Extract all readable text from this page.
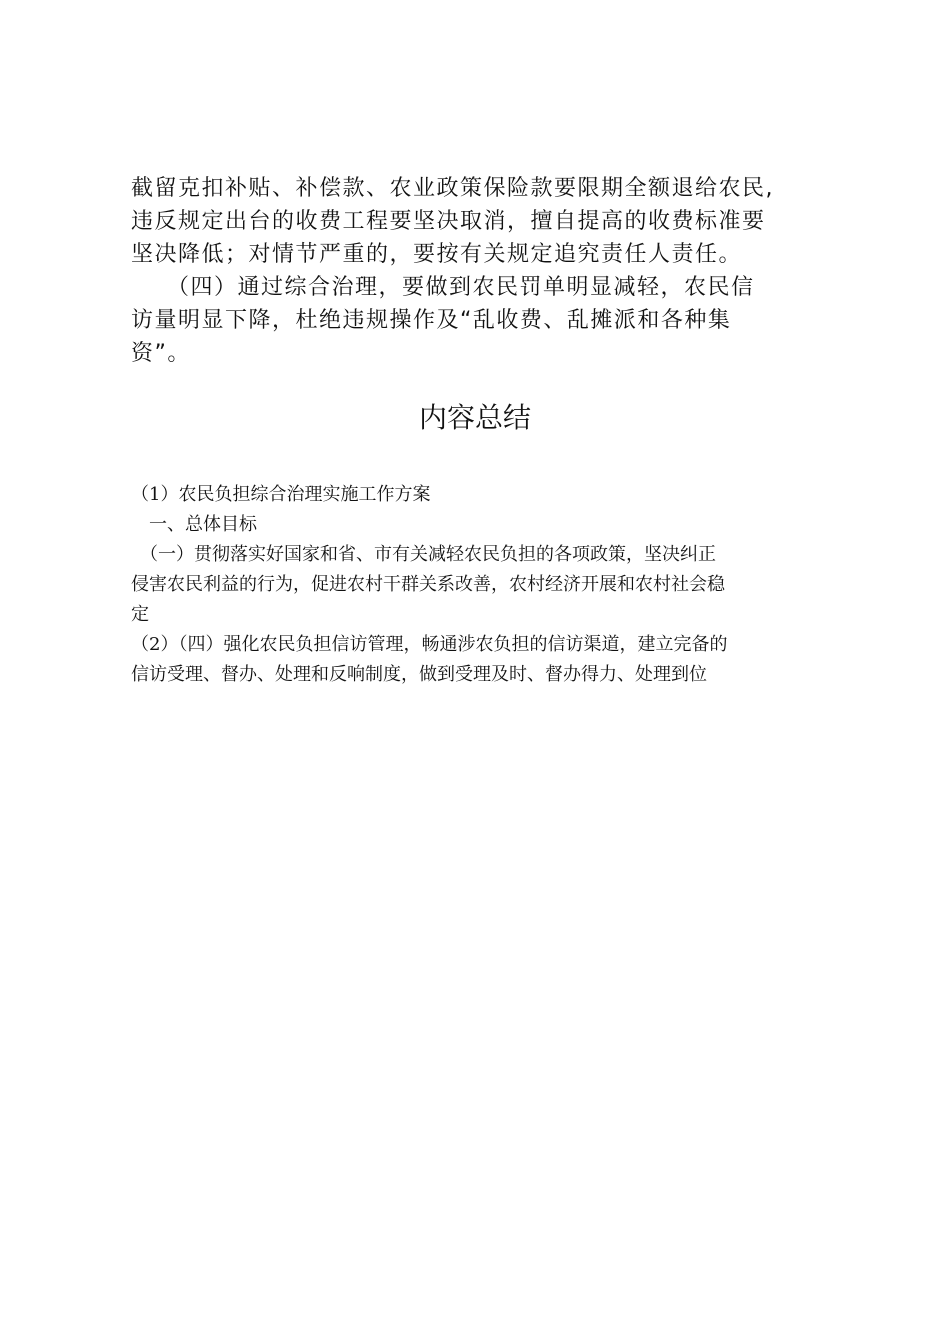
截留克扣补贴、补偿款、农业政策保险款要限期全额退给农民,

违反规定出台的收费工程要坚决取消，擅自提高的收费标准要

坚决降低；对情节严重的，要按有关规定追究责任人责任。

　　（四）通过综合治理，要做到农民罚单明显减轻，农民信

访量明显下降，杜绝违规操作及“乱收费、乱摊派和各种集

资”。

内容总结

（1）农民负担综合治理实施工作方案

　一、总体目标

　（一）贯彻落实好国家和省、市有关减轻农民负担的各项政策，坚决纠正

侵害农民利益的行为，促进农村干群关系改善，农村经济开展和农村社会稳

定

（2）（四）强化农民负担信访管理，畅通涉农负担的信访渠道，建立完备的

信访受理、督办、处理和反响制度，做到受理及时、督办得力、处理到位
